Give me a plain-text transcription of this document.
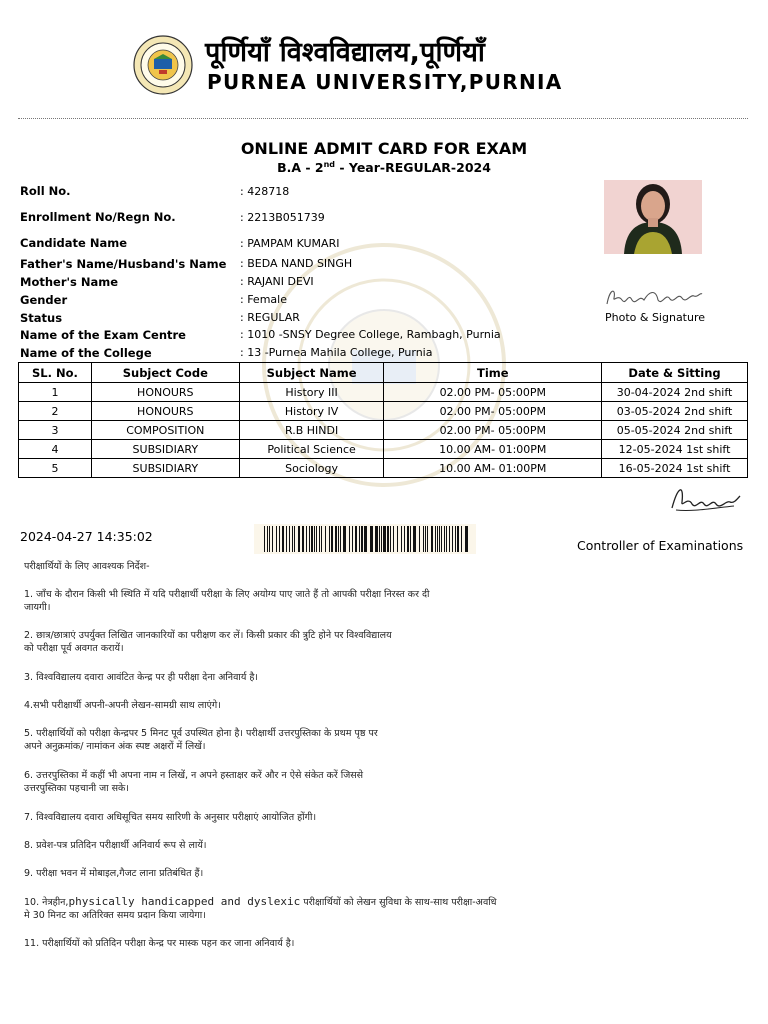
पूर्णियाँ विश्वविद्यालय,पूर्णियाँ
PURNEA UNIVERSITY,PURNIA
ONLINE ADMIT CARD FOR EXAM
B.A - 2nd - Year-REGULAR-2024
Roll No.	: 428718
Enrollment No/Regn No.	: 2213B051739
Candidate Name	: PAMPAM KUMARI
Father's Name/Husband's Name : BEDA NAND SINGH
Mother's Name	: RAJANI DEVI
Gender	: Female
Status	: REGULAR
Name of the Exam Centre	: 1010 -SNSY Degree College, Rambagh, Purnia
Name of the College	: 13 -Purnea Mahila College, Purnia
Photo & Signature
SL. No.	Subject Code	Subject Name	Time	Date & Sitting
1	HONOURS	History III	02.00 PM- 05:00PM	30-04-2024 2nd shift
2	HONOURS	History IV	02.00 PM- 05:00PM	03-05-2024 2nd shift
3	COMPOSITION	R.B HINDI	02.00 PM- 05:00PM	05-05-2024 2nd shift
4	SUBSIDIARY	Political Science	10.00 AM- 01:00PM	12-05-2024 1st shift
5	SUBSIDIARY	Sociology	10.00 AM- 01:00PM	16-05-2024 1st shift
2024-04-27 14:35:02
Controller of Examinations
परीक्षार्थियों के लिए आवश्यक निर्देश-
1. जाँच के दौरान किसी भी स्थिति में यदि परीक्षार्थी परीक्षा के लिए अयोग्य पाए जाते हैं तो आपकी परीक्षा निरस्त कर दी
जायगी।
2. छात्र/छात्राएं उपर्युक्त लिखित जानकारियों का परीक्षण कर लें। किसी प्रकार की त्रुटि होने पर विश्वविद्यालय
को परीक्षा पूर्व अवगत करायें।
3. विश्वविद्यालय दवारा आवंटित केन्द्र पर ही परीक्षा देना अनिवार्य है।
4.सभी परीक्षार्थी अपनी-अपनी लेखन-सामग्री साथ लाएंगे।
5. परीक्षार्थियों को परीक्षा केन्द्रपर 5 मिनट पूर्व उपस्थित होना है। परीक्षार्थी उत्तरपुस्तिका के प्रथम पृष्ठ पर
अपने अनुक्रमांक/ नामांकन अंक स्पष्ट अक्षरों में लिखें।
6. उत्तरपुस्तिका में कहीं भी अपना नाम न लिखें, न अपने हस्ताक्षर करें और न ऐसे संकेत करें जिससे
उत्तरपुस्तिका पहचानी जा सके।
7. विश्वविद्यालय दवारा अधिसूचित समय सारिणी के अनुसार परीक्षाएं आयोजित होंगी।
8. प्रवेश-पत्र प्रतिदिन परीक्षार्थी अनिवार्य रूप से लायें।
9. परीक्षा भवन में मोबाइल,गैजट लाना प्रतिबंधित हैं।
10. नेत्रहीन,physically handicapped and dyslexic परीक्षार्थियों को लेखन सुविधा के साथ-साथ परीक्षा-अवधि
मे 30 मिनट का अतिरिक्त समय प्रदान किया जायेगा।
11. परीक्षार्थियों को प्रतिदिन परीक्षा केन्द्र पर मास्क पहन कर जाना अनिवार्य है।
